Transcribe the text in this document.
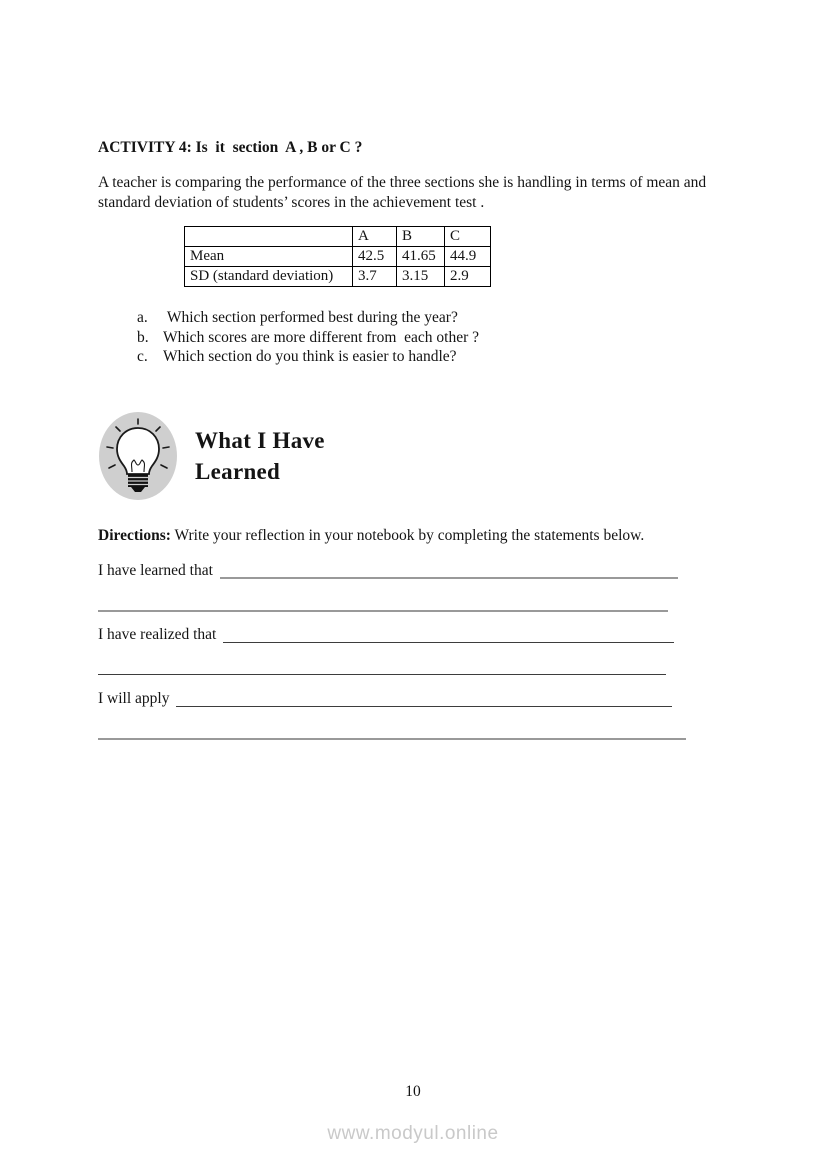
ACTIVITY 4: Is  it  section  A , B or C ?
A teacher is comparing the performance of the three sections she is handling in terms of mean and standard deviation of students’ scores in the achievement test .
	A	B	C
Mean	42.5	41.65	44.9
SD (standard deviation)	3.7	3.15	2.9
a. Which section performed best during the year?
b. Which scores are more different from  each other ?
c. Which section do you think is easier to handle?
What I Have
Learned
Directions: Write your reflection in your notebook by completing the statements below.
I have learned that
I have realized that
I will apply
10
www.modyul.online
